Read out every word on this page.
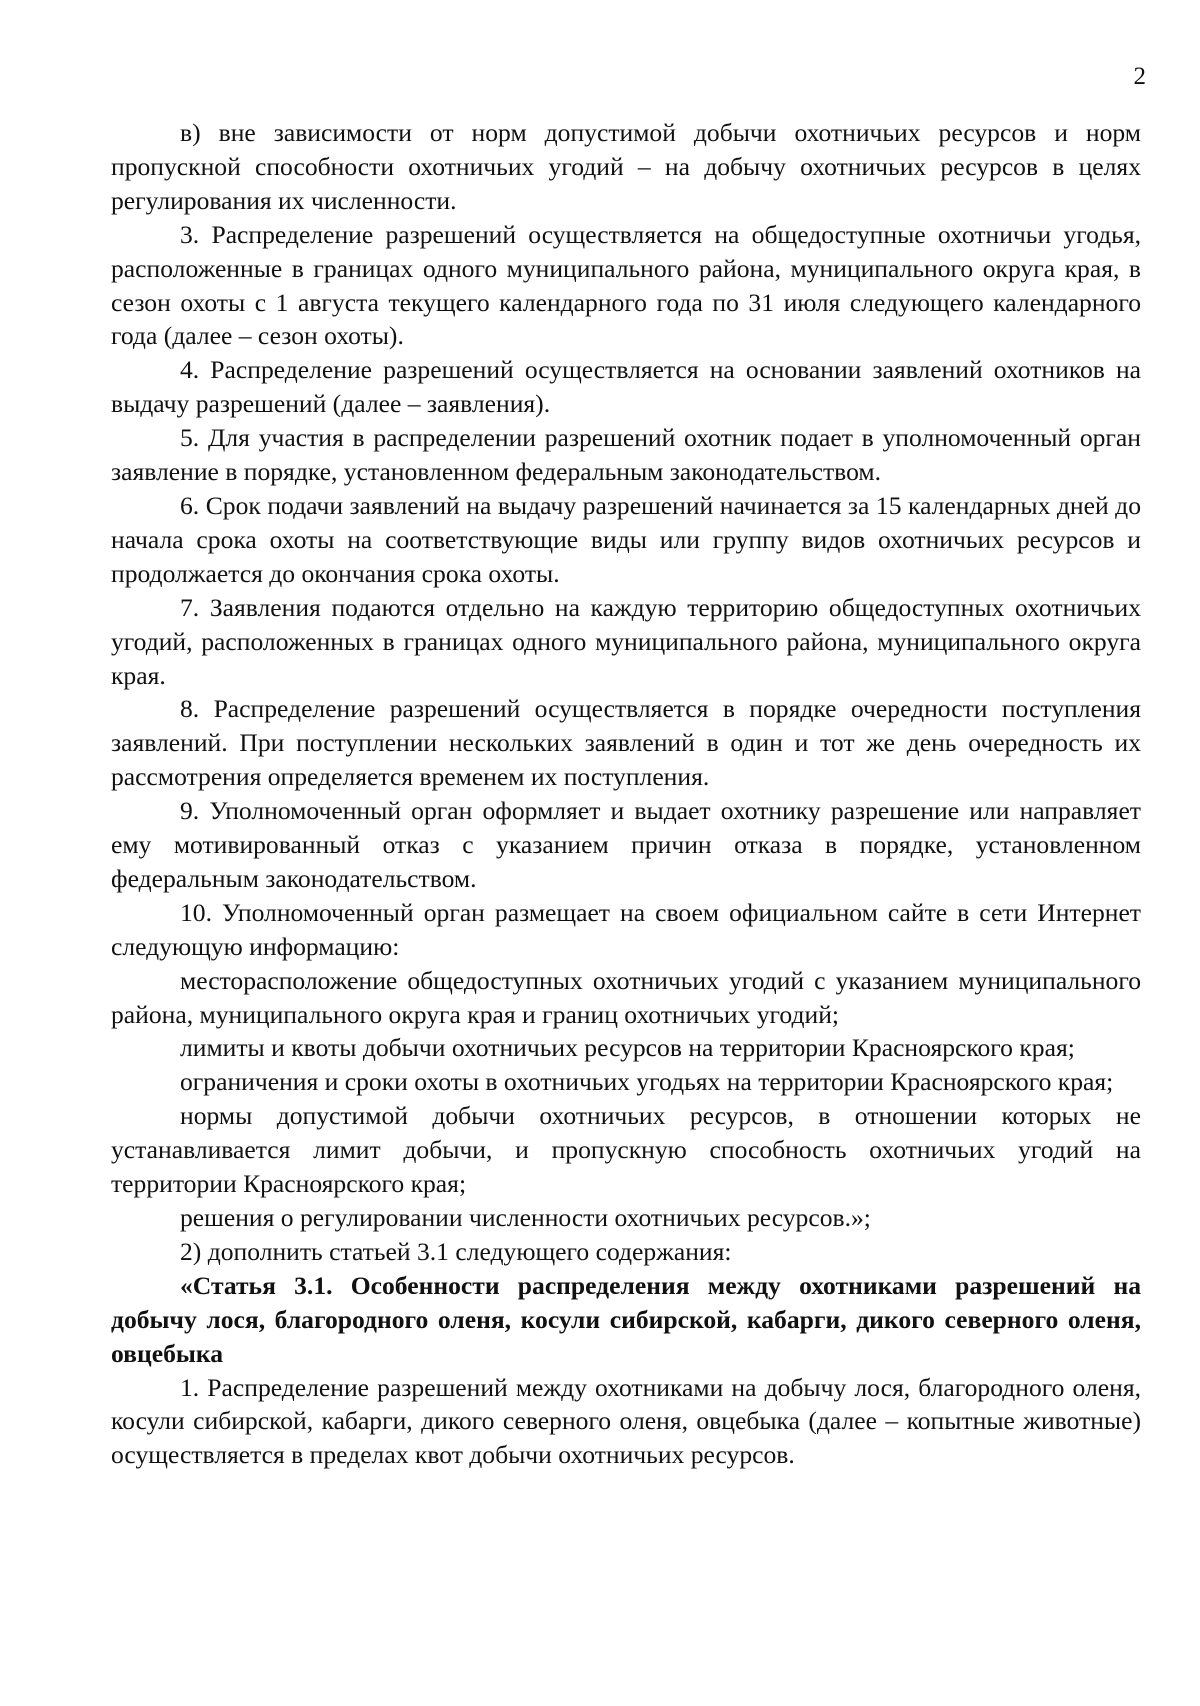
2

в) вне зависимости от норм допустимой добычи охотничьих ресурсов и норм пропускной способности охотничьих угодий – на добычу охотничьих ресурсов в целях регулирования их численности.

3. Распределение разрешений осуществляется на общедоступные охотничьи угодья, расположенные в границах одного муниципального района, муниципального округа края, в сезон охоты с 1 августа текущего календарного года по 31 июля следующего календарного года (далее – сезон охоты).

4. Распределение разрешений осуществляется на основании заявлений охотников на выдачу разрешений (далее – заявления).

5. Для участия в распределении разрешений охотник подает в уполномоченный орган заявление в порядке, установленном федеральным законодательством.

6. Срок подачи заявлений на выдачу разрешений начинается за 15 календарных дней до начала срока охоты на соответствующие виды или группу видов охотничьих ресурсов и продолжается до окончания срока охоты.

7. Заявления подаются отдельно на каждую территорию общедоступных охотничьих угодий, расположенных в границах одного муниципального района, муниципального округа края.

8. Распределение разрешений осуществляется в порядке очередности поступления заявлений. При поступлении нескольких заявлений в один и тот же день очередность их рассмотрения определяется временем их поступления.

9. Уполномоченный орган оформляет и выдает охотнику разрешение или направляет ему мотивированный отказ с указанием причин отказа в порядке, установленном федеральным законодательством.

10. Уполномоченный орган размещает на своем официальном сайте в сети Интернет следующую информацию:

месторасположение общедоступных охотничьих угодий с указанием муниципального района, муниципального округа края и границ охотничьих угодий;

лимиты и квоты добычи охотничьих ресурсов на территории Красноярского края;

ограничения и сроки охоты в охотничьих угодьях на территории Красноярского края;

нормы допустимой добычи охотничьих ресурсов, в отношении которых не устанавливается лимит добычи, и пропускную способность охотничьих угодий на территории Красноярского края;

решения о регулировании численности охотничьих ресурсов.»;

2) дополнить статьей 3.1 следующего содержания:

«Статья 3.1. Особенности распределения между охотниками разрешений на добычу лося, благородного оленя, косули сибирской, кабарги, дикого северного оленя, овцебыка

1. Распределение разрешений между охотниками на добычу лося, благородного оленя, косули сибирской, кабарги, дикого северного оленя, овцебыка (далее – копытные животные) осуществляется в пределах квот добычи охотничьих ресурсов.
